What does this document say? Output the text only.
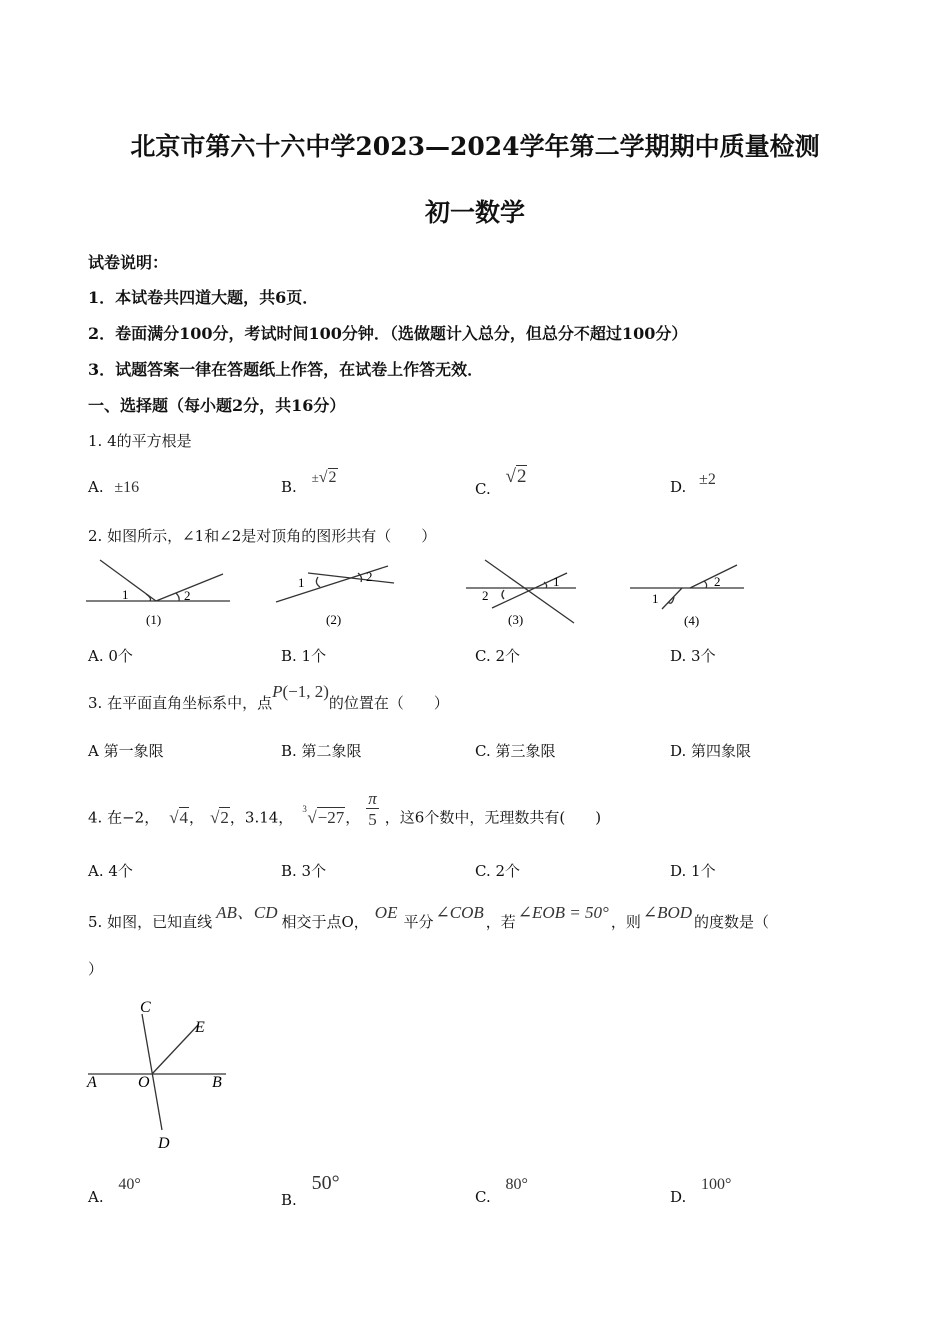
北京市第六十六中学2023—2024学年第二学期期中质量检测
初一数学
试卷说明：
1．本试卷共四道大题，共6页．
2．卷面满分100分，考试时间100分钟．（选做题计入总分，但总分不超过100分）
3．试题答案一律在答题纸上作答，在试卷上作答无效．
一、选择题（每小题2分，共16分）
1. 4的平方根是
A. ±16	B. ±√2
C. √2	D. ±2
2. 如图所示，∠1和∠2是对顶角的图形共有（　　）
1	2
(1)
1	2
(2)
1
2
(3)
1
2
(4)
A. 0个	B. 1个	C. 2个	D. 3个
3. 在平面直角坐标系中，点P(−1, 2)的位置在（　　）
A 第一象限	B. 第二象限	C. 第三象限	D. 第四象限
4. 在−2， √4， √2，3.14， 3 √−27， $\frac{\pi}{5}$ ，这6个数中，无理数共有(　　)
A. 4个	B. 3个	C. 2个	D. 1个
5. 如图，已知直线 AB、CD 相交于点O， OE 平分 ∠COB ，若 ∠EOB = 50° ，则 ∠BOD 的度数是（
）
C
E
A	O	B
D
A. 40°
B. 50°
C. 80°
D. 100°
